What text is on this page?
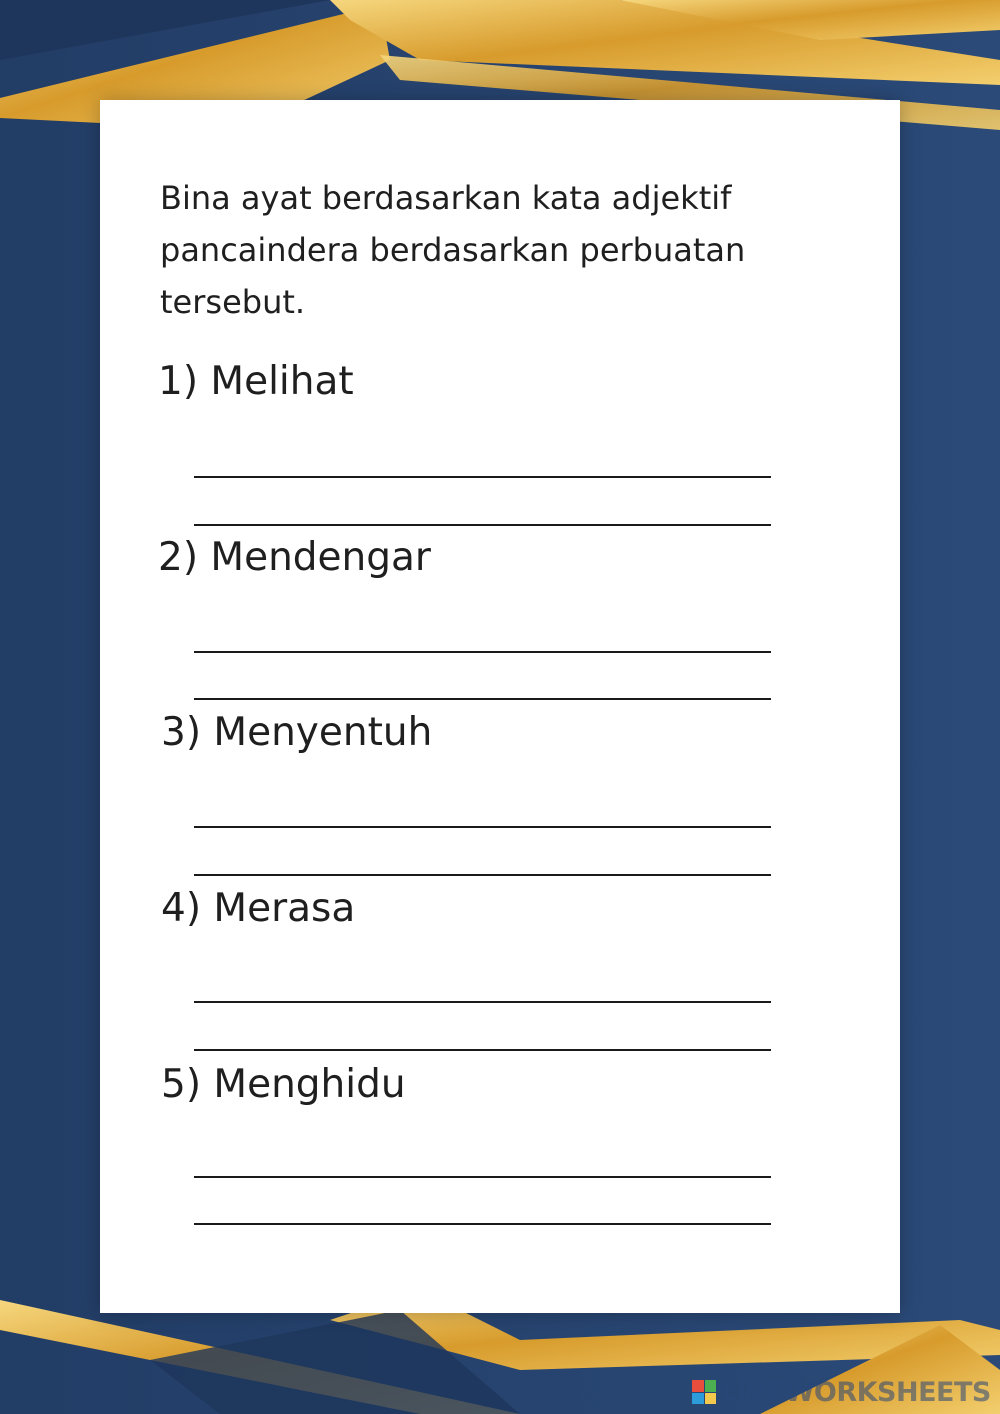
Bina ayat berdasarkan kata adjektif pancaindera berdasarkan perbuatan tersebut.
1) Melihat
2) Mendengar
3) Menyentuh
4) Merasa
5) Menghidu
LIVEWORKSHEETS
